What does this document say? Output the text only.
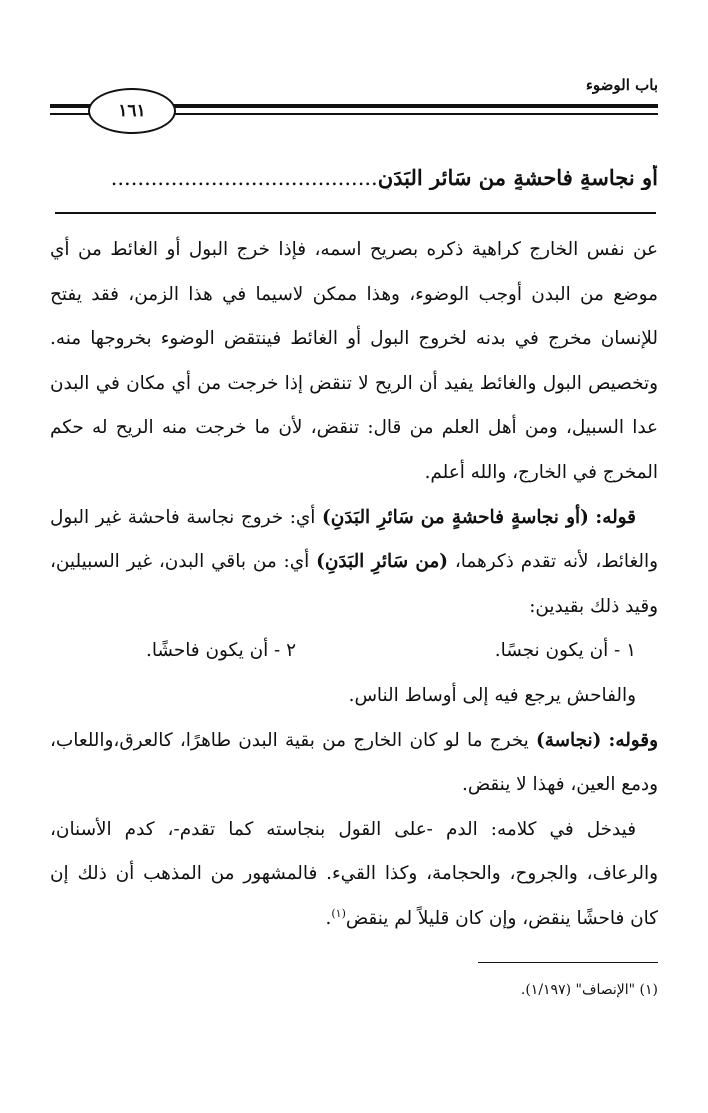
باب الوضوء
١٦١
أو نجاسةٍ فاحشةٍ من سَائرِ البَدَنِ........................................

عن نفس الخارج كراهية ذكره بصريح اسمه، فإذا خرج البول أو الغائط من أي موضع من البدن أوجب الوضوء، وهذا ممكن لاسيما في هذا الزمن، فقد يفتح للإنسان مخرج في بدنه لخروج البول أو الغائط فينتقض الوضوء بخروجها منه. وتخصيص البول والغائط يفيد أن الريح لا تنقض إذا خرجت من أي مكان في البدن عدا السبيل، ومن أهل العلم من قال: تنقض، لأن ما خرجت منه الريح له حكم المخرج في الخارج، والله أعلم.

قوله: (أو نجاسةٍ فاحشةٍ من سَائرِ البَدَنِ) أي: خروج نجاسة فاحشة غير البول والغائط، لأنه تقدم ذكرهما، (من سَائرِ البَدَنِ) أي: من باقي البدن، غير السبيلين، وقيد ذلك بقيدين:

١ - أن يكون نجسًا.
٢ - أن يكون فاحشًا.

والفاحش يرجع فيه إلى أوساط الناس.

وقوله: (نجاسة) يخرج ما لو كان الخارج من بقية البدن طاهرًا، كالعرق،واللعاب، ودمع العين، فهذا لا ينقض.

فيدخل في كلامه: الدم -على القول بنجاسته كما تقدم-، كدم الأسنان، والرعاف، والجروح، والحجامة، وكذا القيء. فالمشهور من المذهب أن ذلك إن كان فاحشًا ينقض، وإن كان قليلاً لم ينقض$^{(١)}$.

(١) "الإنصاف" (١/١٩٧).
